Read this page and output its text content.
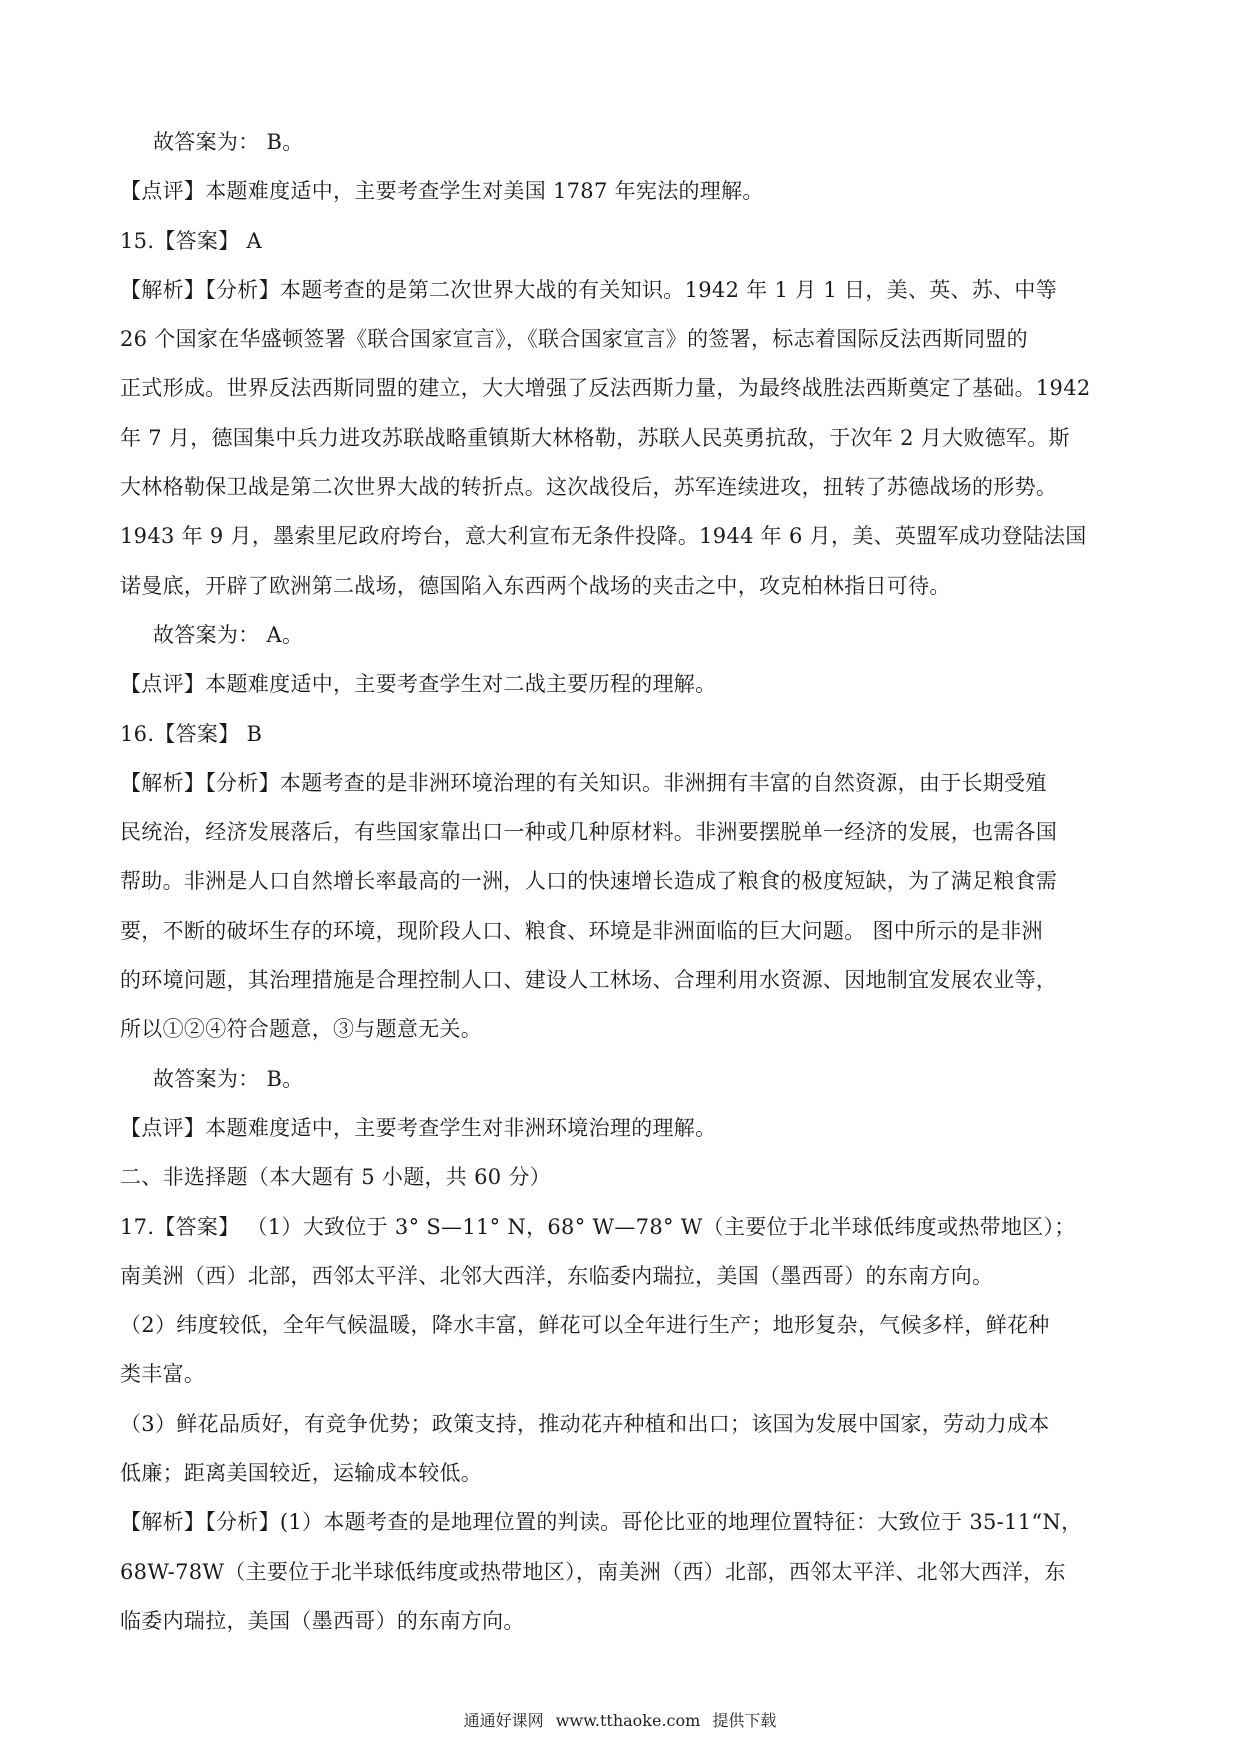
故答案为： B。
【点评】本题难度适中，主要考查学生对美国 1787 年宪法的理解。
15.【答案】 A
【解析】【分析】本题考查的是第二次世界大战的有关知识。1942 年 1 月 1 日，美、英、苏、中等
26 个国家在华盛顿签署《联合国家宣言》，《联合国家宣言》的签署，标志着国际反法西斯同盟的
正式形成。世界反法西斯同盟的建立，大大增强了反法西斯力量，为最终战胜法西斯奠定了基础。1942
年 7 月，德国集中兵力进攻苏联战略重镇斯大林格勒，苏联人民英勇抗敌，于次年 2 月大败德军。斯
大林格勒保卫战是第二次世界大战的转折点。这次战役后，苏军连续进攻，扭转了苏德战场的形势。
1943 年 9 月，墨索里尼政府垮台，意大利宣布无条件投降。1944 年 6 月，美、英盟军成功登陆法国
诺曼底，开辟了欧洲第二战场，德国陷入东西两个战场的夹击之中，攻克柏林指日可待。
故答案为： A。
【点评】本题难度适中，主要考查学生对二战主要历程的理解。
16.【答案】 B
【解析】【分析】本题考查的是非洲环境治理的有关知识。非洲拥有丰富的自然资源，由于长期受殖
民统治，经济发展落后，有些国家靠出口一种或几种原材料。非洲要摆脱单一经济的发展，也需各国
帮助。非洲是人口自然增长率最高的一洲，人口的快速增长造成了粮食的极度短缺，为了满足粮食需
要，不断的破坏生存的环境，现阶段人口、粮食、环境是非洲面临的巨大问题。 图中所示的是非洲
的环境问题，其治理措施是合理控制人口、建设人工林场、合理利用水资源、因地制宜发展农业等，
所以①②④符合题意，③与题意无关。
故答案为： B。
【点评】本题难度适中，主要考查学生对非洲环境治理的理解。
二、非选择题（本大题有 5 小题，共 60 分）
17.【答案】 （1）大致位于 3° S—11° N，68° W—78° W（主要位于北半球低纬度或热带地区）；
南美洲（西）北部，西邻太平洋、北邻大西洋，东临委内瑞拉，美国（墨西哥）的东南方向。
（2）纬度较低，全年气候温暖，降水丰富，鲜花可以全年进行生产；地形复杂，气候多样，鲜花种
类丰富。
（3）鲜花品质好，有竞争优势；政策支持，推动花卉种植和出口；该国为发展中国家，劳动力成本
低廉；距离美国较近，运输成本较低。
【解析】【分析】(1）本题考查的是地理位置的判读。哥伦比亚的地理位置特征：大致位于 35-11“N，
68W-78W（主要位于北半球低纬度或热带地区），南美洲（西）北部，西邻太平洋、北邻大西洋，东
临委内瑞拉，美国（墨西哥）的东南方向。
通通好课网 www.tthaoke.com 提供下载
